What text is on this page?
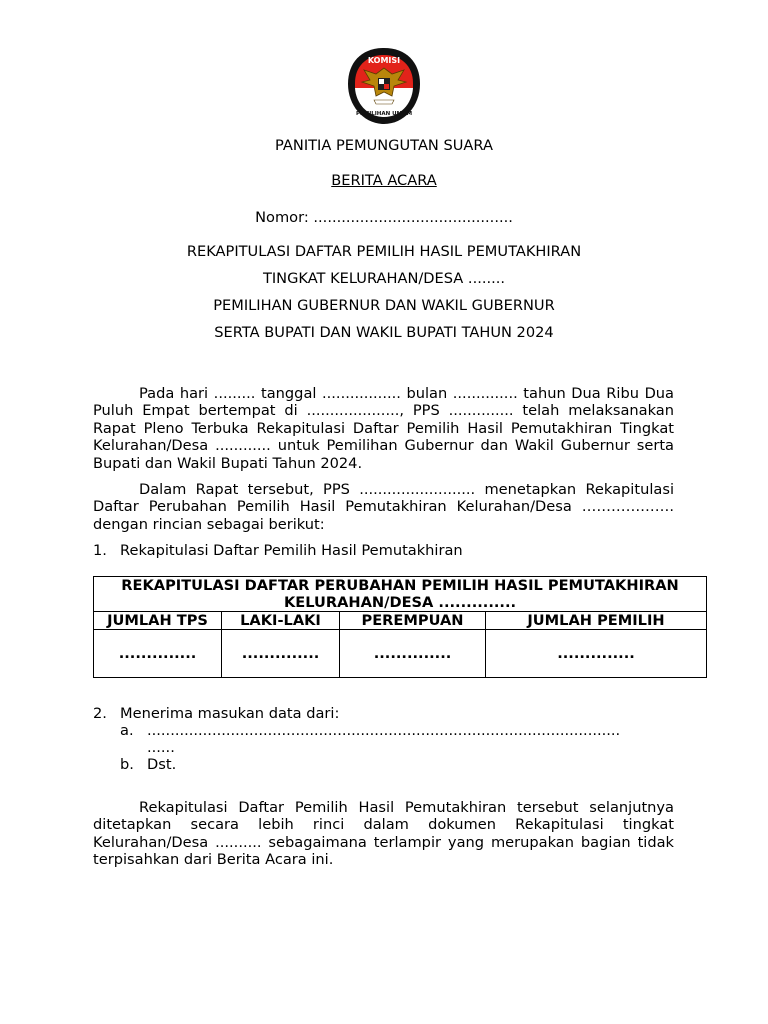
KOMISI
PEMILIHAN UMUM
PANITIA PEMUNGUTAN SUARA
BERITA ACARA
Nomor: ...........................................
REKAPITULASI DAFTAR PEMILIH HASIL PEMUTAKHIRAN
TINGKAT KELURAHAN/DESA ........
PEMILIHAN GUBERNUR DAN WAKIL GUBERNUR
SERTA BUPATI DAN WAKIL BUPATI TAHUN 2024
Pada hari ......... tanggal ................. bulan .............. tahun Dua Ribu Dua Puluh Empat bertempat di ...................., PPS .............. telah melaksanakan Rapat Pleno Terbuka Rekapitulasi Daftar Pemilih Hasil Pemutakhiran Tingkat Kelurahan/Desa ............ untuk Pemilihan Gubernur dan Wakil Gubernur serta Bupati dan Wakil Bupati Tahun 2024.
Dalam Rapat tersebut, PPS ......................... menetapkan Rekapitulasi Daftar Perubahan Pemilih Hasil Pemutakhiran Kelurahan/Desa ………………. dengan rincian sebagai berikut:
1. Rekapitulasi Daftar Pemilih Hasil Pemutakhiran
REKAPITULASI DAFTAR PERUBAHAN PEMILIH HASIL PEMUTAKHIRAN
KELURAHAN/DESA ..............			

JUMLAH TPS	LAKI-LAKI	PEREMPUAN	JUMLAH PEMILIH
..............	..............	..............	..............
2. Menerima masukan data dari:
a. ......................................................................................................
......
b. Dst.
Rekapitulasi Daftar Pemilih Hasil Pemutakhiran tersebut selanjutnya ditetapkan secara lebih rinci dalam dokumen Rekapitulasi tingkat Kelurahan/Desa .......... sebagaimana terlampir yang merupakan bagian tidak terpisahkan dari Berita Acara ini.
